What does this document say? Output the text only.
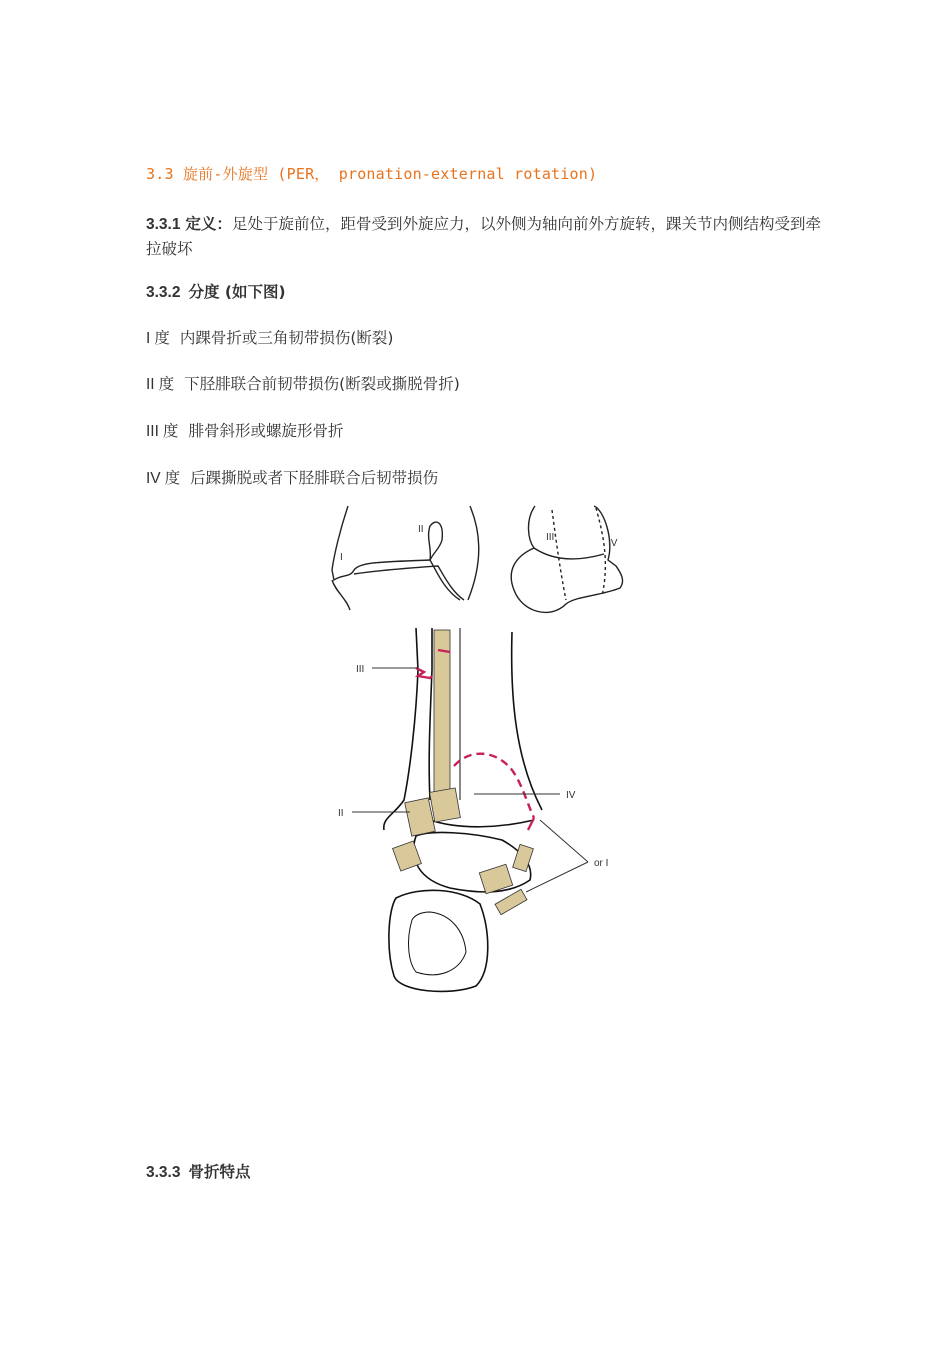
3.3 旋前-外旋型 (PER， pronation-external rotation)
3.3.1 定义：足处于旋前位，距骨受到外旋应力，以外侧为轴向前外方旋转，踝关节内侧结构受到牵拉破坏
3.3.2 分度 (如下图)
I 度 内踝骨折或三角韧带损伤(断裂)
II 度 下胫腓联合前韧带损伤(断裂或撕脱骨折)
III 度 腓骨斜形或螺旋形骨折
IV 度 后踝撕脱或者下胫腓联合后韧带损伤
I
II
III
IV
III
II
IV
or I
3.3.3 骨折特点
